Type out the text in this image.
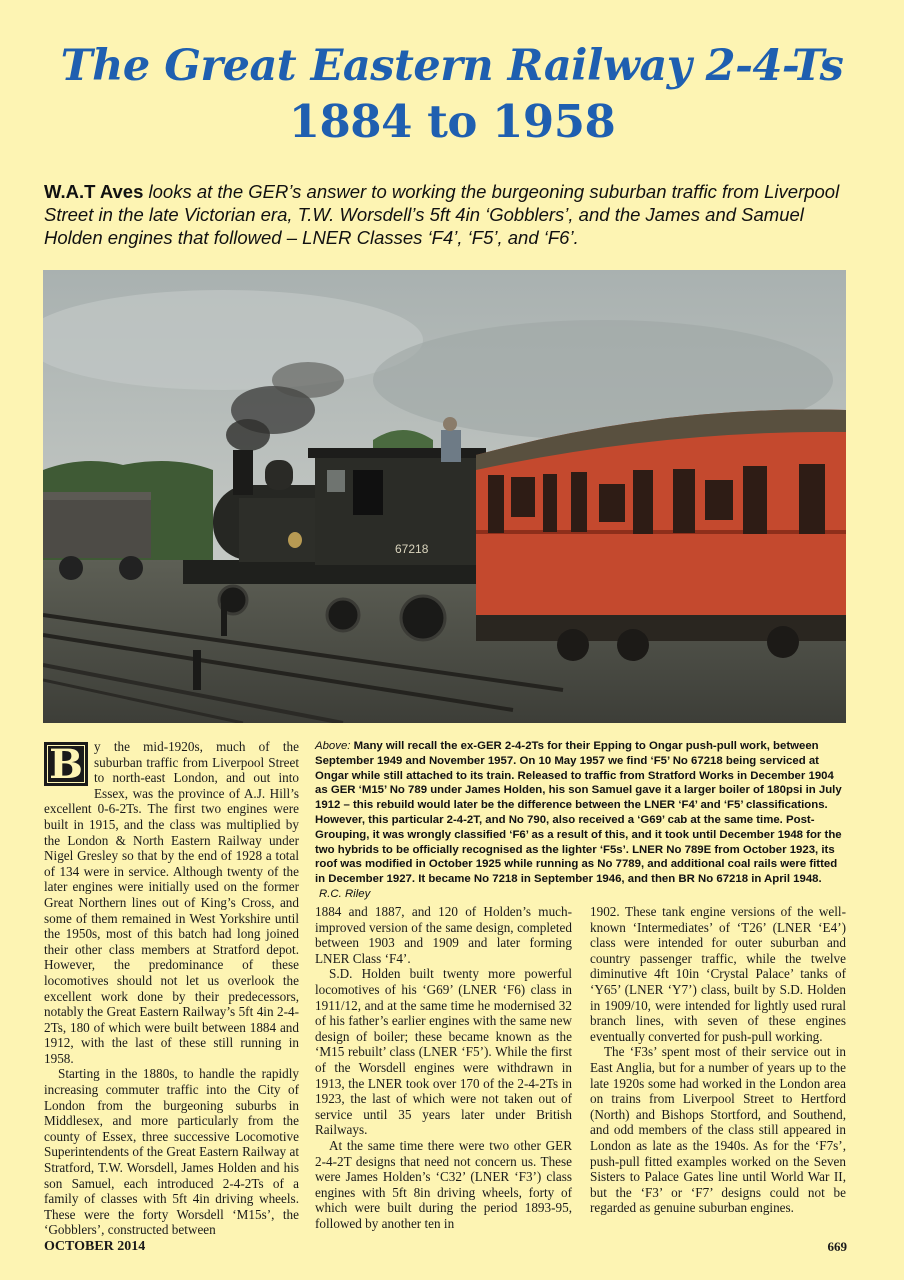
The Great Eastern Railway 2-4-Ts
1884 to 1958

W.A.T Aves looks at the GER’s answer to working the burgeoning suburban traffic from Liverpool Street in the late Victorian era, T.W. Worsdell’s 5ft 4in ‘Gobblers’, and the James and Samuel Holden engines that followed – LNER Classes ‘F4’, ‘F5’, and ‘F6’.

67218

B y the mid-1920s, much of the suburban traffic from Liverpool Street to north-east London, and out into Essex, was the province of A.J. Hill’s excellent 0-6-2Ts. The first two engines were built in 1915, and the class was multiplied by the London & North Eastern Railway under Nigel Gresley so that by the end of 1928 a total of 134 were in service. Although twenty of the later engines were initially used on the former Great Northern lines out of King’s Cross, and some of them remained in West Yorkshire until the 1950s, most of this batch had long joined their other class members at Stratford depot. However, the predominance of these locomotives should not let us overlook the excellent work done by their predecessors, notably the Great Eastern Railway’s 5ft 4in 2-4-2Ts, 180 of which were built between 1884 and 1912, with the last of these still running in 1958.

Starting in the 1880s, to handle the rapidly increasing commuter traffic into the City of London from the burgeoning suburbs in Middlesex, and more particularly from the county of Essex, three successive Locomotive Superintendents of the Great Eastern Railway at Stratford, T.W. Worsdell, James Holden and his son Samuel, each introduced 2-4-2Ts of a family of classes with 5ft 4in driving wheels. These were the forty Worsdell ‘M15s’, the ‘Gobblers’, constructed between

Above: Many will recall the ex-GER 2-4-2Ts for their Epping to Ongar push-pull work, between September 1949 and November 1957. On 10 May 1957 we find ‘F5’ No 67218 being serviced at Ongar while still attached to its train. Released to traffic from Stratford Works in December 1904 as GER ‘M15’ No 789 under James Holden, his son Samuel gave it a larger boiler of 180psi in July 1912 – this rebuild would later be the difference between the LNER ‘F4’ and ‘F5’ classifications. However, this particular 2-4-2T, and No 790, also received a ‘G69’ cab at the same time. Post-Grouping, it was wrongly classified ‘F6’ as a result of this, and it took until December 1948 for the two hybrids to be officially recognised as the lighter ‘F5s’. LNER No 789E from October 1923, its roof was modified in October 1925 while running as No 7789, and additional coal rails were fitted in December 1927. It became No 7218 in September 1946, and then BR No 67218 in April 1948. R.C. Riley

1884 and 1887, and 120 of Holden’s much-improved version of the same design, completed between 1903 and 1909 and later forming LNER Class ‘F4’.

S.D. Holden built twenty more powerful locomotives of his ‘G69’ (LNER ‘F6) class in 1911/12, and at the same time he modernised 32 of his father’s earlier engines with the same new design of boiler; these became known as the ‘M15 rebuilt’ class (LNER ‘F5’). While the first of the Worsdell engines were withdrawn in 1913, the LNER took over 170 of the 2-4-2Ts in 1923, the last of which were not taken out of service until 35 years later under British Railways.

At the same time there were two other GER 2-4-2T designs that need not concern us. These were James Holden’s ‘C32’ (LNER ‘F3’) class engines with 5ft 8in driving wheels, forty of which were built during the period 1893-95, followed by another ten in

1902. These tank engine versions of the well-known ‘Intermediates’ of ‘T26’ (LNER ‘E4’) class were intended for outer suburban and country passenger traffic, while the twelve diminutive 4ft 10in ‘Crystal Palace’ tanks of ‘Y65’ (LNER ‘Y7’) class, built by S.D. Holden in 1909/10, were intended for lightly used rural branch lines, with seven of these engines eventually converted for push-pull working.

The ‘F3s’ spent most of their service out in East Anglia, but for a number of years up to the late 1920s some had worked in the London area on trains from Liverpool Street to Hertford (North) and Bishops Stortford, and Southend, and odd members of the class still appeared in London as late as the 1940s. As for the ‘F7s’, push-pull fitted examples worked on the Seven Sisters to Palace Gates line until World War II, but the ‘F3’ or ‘F7’ designs could not be regarded as genuine suburban engines.

OCTOBER 2014	669
